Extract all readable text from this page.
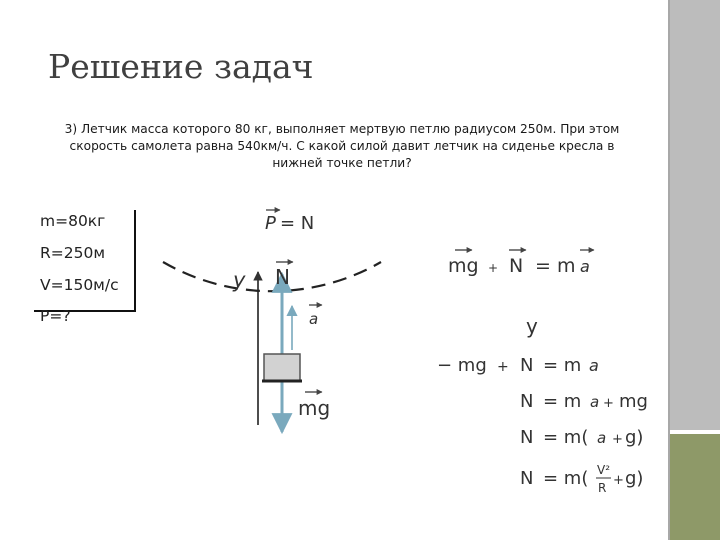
Решение задач
3) Летчик масса которого 80 кг, выполняет мертвую петлю радиусом 250м. При этом
скорость самолета равна 540км/ч. С какой силой давит летчик на сиденье кресла в
нижней точке петли?
m=80кг
R=250м
V=150м/с
P=?
y
P = N
N
a
mg
mg + N = m a
y
− mg + N = m a
N = m a + mg
N = m( a + g)
N = m( V²
R + g)
